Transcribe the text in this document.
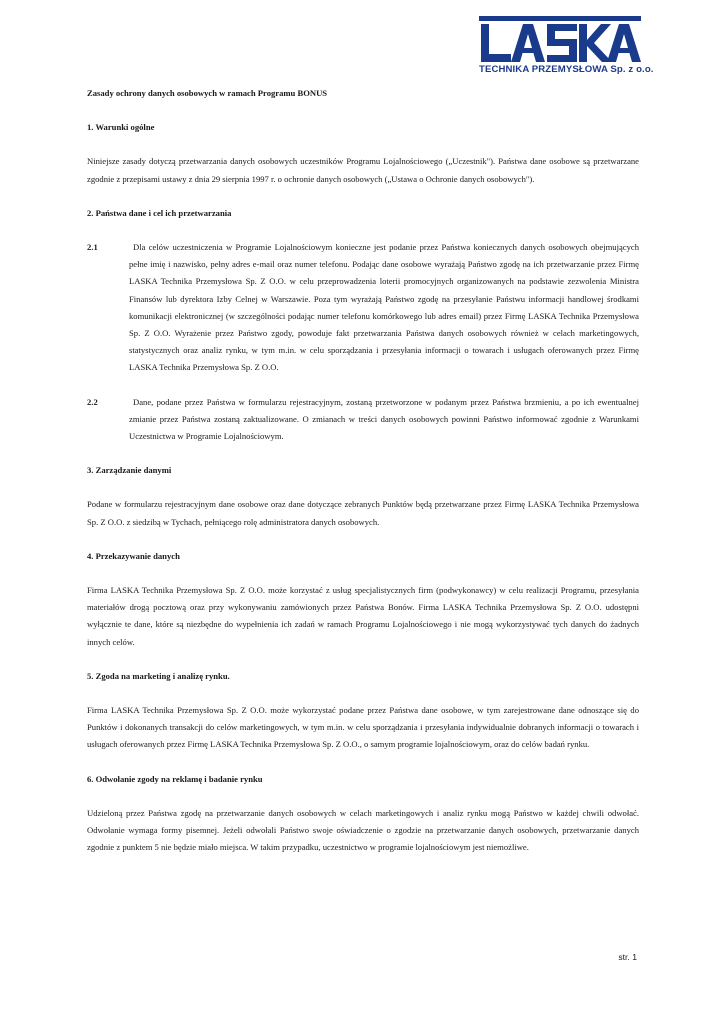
TECHNIKA PRZEMYSŁOWA Sp. z o.o.
Zasady ochrony danych osobowych w ramach Programu BONUS
1. Warunki ogólne

Niniejsze zasady dotyczą przetwarzania danych osobowych uczestników Programu Lojalnościowego („Uczestnik"). Państwa dane osobowe są przetwarzane zgodnie z przepisami ustawy z dnia 29 sierpnia 1997 r. o ochronie danych osobowych („Ustawa o Ochronie danych osobowych").

2. Państwa dane i cel ich przetwarzania
2.1	Dla celów uczestniczenia w Programie Lojalnościowym konieczne jest podanie przez Państwa koniecznych danych osobowych obejmujących pełne imię i nazwisko, pełny adres e-mail oraz numer telefonu. Podając dane osobowe wyrażają Państwo zgodę na ich przetwarzanie przez Firmę LASKA Technika Przemysłowa Sp. Z O.O. w celu przeprowadzenia loterii promocyjnych organizowanych na podstawie zezwolenia Ministra Finansów lub dyrektora Izby Celnej w Warszawie. Poza tym wyrażają Państwo zgodę na przesyłanie Państwu informacji handlowej środkami komunikacji elektronicznej (w szczególności podając numer telefonu komórkowego lub adres email) przez Firmę LASKA Technika Przemysłowa Sp. Z O.O. Wyrażenie przez Państwo zgody, powoduje fakt przetwarzania Państwa danych osobowych również w celach marketingowych, statystycznych oraz analiz rynku, w tym m.in. w celu sporządzania i przesyłania informacji o towarach i usługach oferowanych przez Firmę LASKA Technika Przemysłowa Sp. Z O.O.
2.2	Dane, podane przez Państwa w formularzu rejestracyjnym, zostaną przetworzone w podanym przez Państwa brzmieniu, a po ich ewentualnej zmianie przez Państwa zostaną zaktualizowane. O zmianach w treści danych osobowych powinni Państwo informować zgodnie z Warunkami Uczestnictwa w Programie Lojalnościowym.
3. Zarządzanie danymi

Podane w formularzu rejestracyjnym dane osobowe oraz dane dotyczące zebranych Punktów będą przetwarzane przez Firmę LASKA Technika Przemysłowa Sp. Z O.O. z siedzibą w Tychach, pełniącego rolę administratora danych osobowych.

4. Przekazywanie danych

Firma LASKA Technika Przemysłowa Sp. Z O.O. może korzystać z usług specjalistycznych firm (podwykonawcy) w celu realizacji Programu, przesyłania materiałów drogą pocztową oraz przy wykonywaniu zamówionych przez Państwa Bonów. Firma LASKA Technika Przemysłowa Sp. Z O.O. udostępni wyłącznie te dane, które są niezbędne do wypełnienia ich zadań w ramach Programu Lojalnościowego i nie mogą wykorzystywać tych danych do żadnych innych celów.

5. Zgoda na marketing i analizę rynku.

Firma LASKA Technika Przemysłowa Sp. Z O.O. może wykorzystać podane przez Państwa dane osobowe, w tym zarejestrowane dane odnoszące się do Punktów i dokonanych transakcji do celów marketingowych, w tym m.in. w celu sporządzania i przesyłania indywidualnie dobranych informacji o towarach i usługach oferowanych przez Firmę LASKA Technika Przemysłowa Sp. Z O.O., o samym programie lojalnościowym, oraz do celów badań rynku.

6. Odwołanie zgody na reklamę i badanie rynku

Udzieloną przez Państwa zgodę na przetwarzanie danych osobowych w celach marketingowych i analiz rynku mogą Państwo w każdej chwili odwołać. Odwołanie wymaga formy pisemnej. Jeżeli odwołali Państwo swoje oświadczenie o zgodzie na przetwarzanie danych osobowych, przetwarzanie danych zgodnie z punktem 5 nie będzie miało miejsca. W takim przypadku, uczestnictwo w programie lojalnościowym jest niemożliwe.

str. 1
